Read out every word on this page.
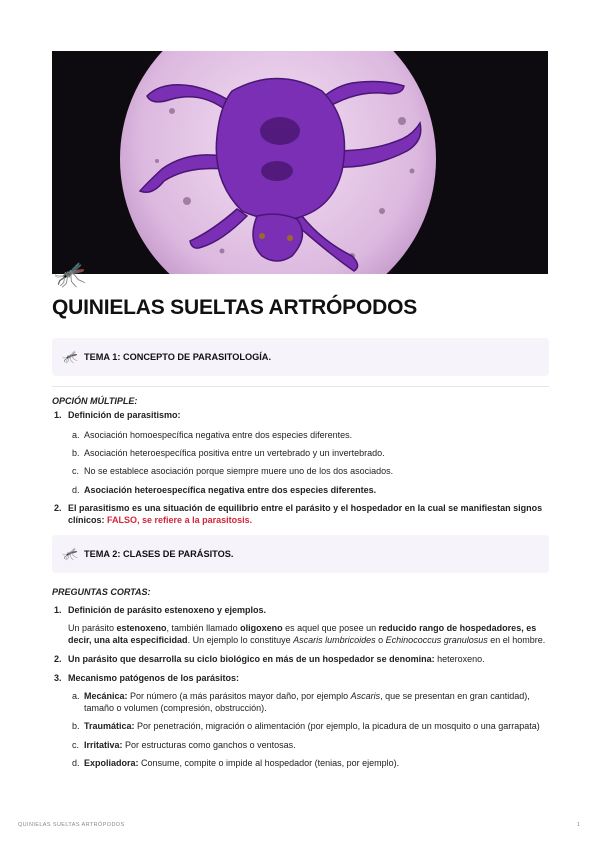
🦟
QUINIELAS SUELTAS ARTRÓPODOS
🦟 TEMA 1: CONCEPTO DE PARASITOLOGÍA.
OPCIÓN MÚLTIPLE:
1. Definición de parasitismo:
a. Asociación homoespecífica negativa entre dos especies diferentes.
b. Asociación heteroespecífica positiva entre un vertebrado y un invertebrado.
c. No se establece asociación porque siempre muere uno de los dos asociados.
d. Asociación heteroespecífica negativa entre dos especies diferentes.
2. El parasitismo es una situación de equilibrio entre el parásito y el hospedador en la cual se manifiestan signos
clínicos: FALSO, se refiere a la parasitosis.
🦟 TEMA 2: CLASES DE PARÁSITOS.
PREGUNTAS CORTAS:
1. Definición de parásito estenoxeno y ejemplos.
Un parásito estenoxeno, también llamado oligoxeno es aquel que posee un reducido rango de hospedadores, es
decir, una alta especificidad. Un ejemplo lo constituye Ascaris lumbricoides o Echinococcus granulosus en el hombre.
2. Un parásito que desarrolla su ciclo biológico en más de un hospedador se denomina: heteroxeno.
3. Mecanismo patógenos de los parásitos:
a. Mecánica: Por número (a más parásitos mayor daño, por ejemplo Ascaris, que se presentan en gran cantidad),
tamaño o volumen (compresión, obstrucción).
b. Traumática: Por penetración, migración o alimentación (por ejemplo, la picadura de un mosquito o una garrapata)
c. Irritativa: Por estructuras como ganchos o ventosas.
d. Expoliadora: Consume, compite o impide al hospedador (tenias, por ejemplo).
QUINIELAS SUELTAS ARTRÓPODOS	1
